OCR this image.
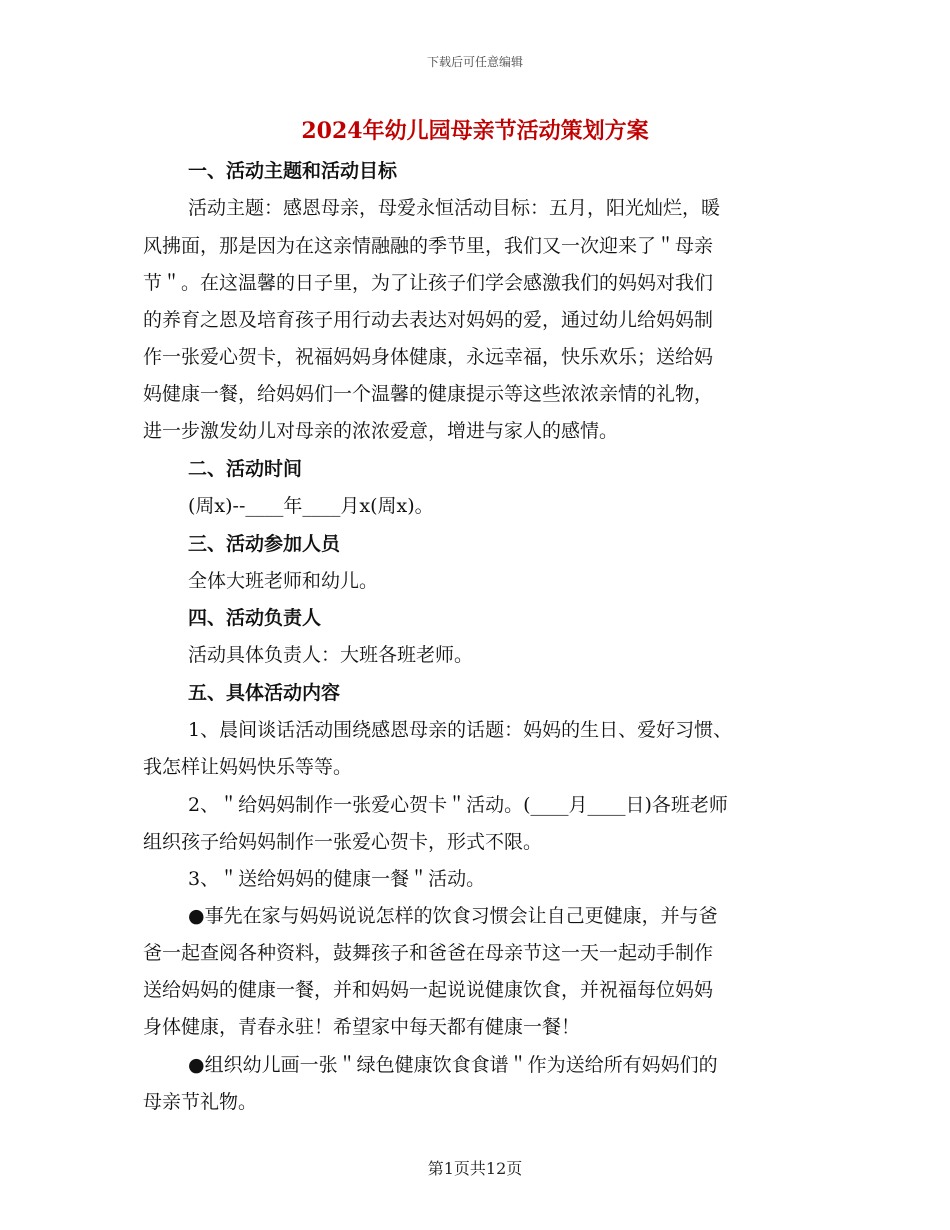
下载后可任意编辑
2024年幼儿园母亲节活动策划方案
一、活动主题和活动目标

活动主题：感恩母亲，母爱永恒活动目标：五月，阳光灿烂，暖

风拂面，那是因为在这亲情融融的季节里，我们又一次迎来了＂母亲

节＂。在这温馨的日子里，为了让孩子们学会感激我们的妈妈对我们

的养育之恩及培育孩子用行动去表达对妈妈的爱，通过幼儿给妈妈制

作一张爱心贺卡，祝福妈妈身体健康，永远幸福，快乐欢乐；送给妈

妈健康一餐，给妈妈们一个温馨的健康提示等这些浓浓亲情的礼物，

进一步激发幼儿对母亲的浓浓爱意，增进与家人的感情。

二、活动时间

(周x)--____年____月x(周x)。

三、活动参加人员

全体大班老师和幼儿。

四、活动负责人

活动具体负责人：大班各班老师。

五、具体活动内容

1、晨间谈话活动围绕感恩母亲的话题：妈妈的生日、爱好习惯、

我怎样让妈妈快乐等等。

2、＂给妈妈制作一张爱心贺卡＂活动。(____月____日)各班老师

组织孩子给妈妈制作一张爱心贺卡，形式不限。

3、＂送给妈妈的健康一餐＂活动。

●事先在家与妈妈说说怎样的饮食习惯会让自己更健康，并与爸

爸一起查阅各种资料，鼓舞孩子和爸爸在母亲节这一天一起动手制作

送给妈妈的健康一餐，并和妈妈一起说说健康饮食，并祝福每位妈妈

身体健康，青春永驻！希望家中每天都有健康一餐！

●组织幼儿画一张＂绿色健康饮食食谱＂作为送给所有妈妈们的

母亲节礼物。

第1页共12页
